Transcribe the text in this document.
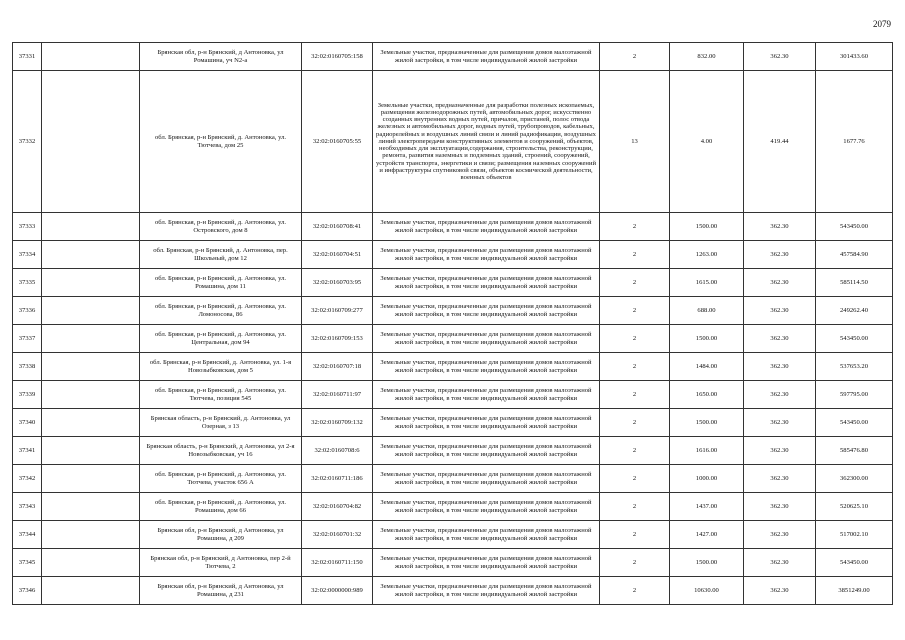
2079
37331		Брянская обл, р-н Брянский, д Антоновка, ул Ромашина, уч N2-а	32:02:0160705:158	Земельные участки, предназначенные для размещения домов малоэтажной жилой застройки, в том числе индивидуальной жилой застройки	2	832.00	362.30	301433.60
37332		обл. Брянская, р-н Брянский, д. Антоновка, ул. Тютчева, дом 25	32:02:0160705:55	Земельные участки, предназначенные для разработки полезных ископаемых, размещения железнодорожных путей, автомобильных дорог, искусственно созданных внутренних водных путей, причалов, пристаней, полос отвода железных и автомобильных дорог, водных путей, трубопроводов, кабельных, радиорелейных и воздушных линий связи и линий радиофикации, воздушных линий электропередачи конструктивных элементов и сооружений, объектов, необходимых для эксплуатации,содержания, строительства, реконструкции, ремонта, развития наземных и подземных зданий, строений, сооружений, устройств транспорта, энергетики и связи; размещения наземных сооружений и инфраструктуры спутниковой связи, объектов космической деятельности, военных объектов	13	4.00	419.44	1677.76
37333		обл. Брянская, р-н Брянский, д. Антоновка, ул. Островского, дом 8	32:02:0160708:41	Земельные участки, предназначенные для размещения домов малоэтажной жилой застройки, в том числе индивидуальной жилой застройки	2	1500.00	362.30	543450.00
37334		обл. Брянская, р-н Брянский, д. Антоновка, пер. Школьный, дом 12	32:02:0160704:51	Земельные участки, предназначенные для размещения домов малоэтажной жилой застройки, в том числе индивидуальной жилой застройки	2	1263.00	362.30	457584.90
37335		обл. Брянская, р-н Брянский, д. Антоновка, ул. Ромашина, дом 11	32:02:0160703:95	Земельные участки, предназначенные для размещения домов малоэтажной жилой застройки, в том числе индивидуальной жилой застройки	2	1615.00	362.30	585114.50
37336		обл. Брянская, р-н Брянский, д. Антоновка, ул. Ломоносова, 86	32:02:0160709:277	Земельные участки, предназначенные для размещения домов малоэтажной жилой застройки, в том числе индивидуальной жилой застройки	2	688.00	362.30	249262.40
37337		обл. Брянская, р-н Брянский, д. Антоновка, ул. Центральная, дом 94	32:02:0160709:153	Земельные участки, предназначенные для размещения домов малоэтажной жилой застройки, в том числе индивидуальной жилой застройки	2	1500.00	362.30	543450.00
37338		обл. Брянская, р-н Брянский, д. Антоновка, ул. 1-я Новозыбковская, дом 5	32:02:0160707:18	Земельные участки, предназначенные для размещения домов малоэтажной жилой застройки, в том числе индивидуальной жилой застройки	2	1484.00	362.30	537653.20
37339		обл. Брянская, р-н Брянский, д. Антоновка, ул. Тютчева, позиция 545	32:02:0160711:97	Земельные участки, предназначенные для размещения домов малоэтажной жилой застройки, в том числе индивидуальной жилой застройки	2	1650.00	362.30	597795.00
37340		Брянская область, р-н Брянский, д. Антоновка, ул Озерная, з 13	32:02:0160709:132	Земельные участки, предназначенные для размещения домов малоэтажной жилой застройки, в том числе индивидуальной жилой застройки	2	1500.00	362.30	543450.00
37341		Брянская область, р-н Брянский, д Антоновка, ул 2-я Новозыбковская, уч 16	32:02:0160708:6	Земельные участки, предназначенные для размещения домов малоэтажной жилой застройки, в том числе индивидуальной жилой застройки	2	1616.00	362.30	585476.80
37342		обл. Брянская, р-н Брянский, д. Антоновка, ул. Тютчева, участок 656 А	32:02:0160711:186	Земельные участки, предназначенные для размещения домов малоэтажной жилой застройки, в том числе индивидуальной жилой застройки	2	1000.00	362.30	362300.00
37343		обл. Брянская, р-н Брянский, д. Антоновка, ул. Ромашина, дом 66	32:02:0160704:82	Земельные участки, предназначенные для размещения домов малоэтажной жилой застройки, в том числе индивидуальной жилой застройки	2	1437.00	362.30	520625.10
37344		Брянская обл, р-н Брянский, д Антоновка, ул Ромашина, д 209	32:02:0160701:32	Земельные участки, предназначенные для размещения домов малоэтажной жилой застройки, в том числе индивидуальной жилой застройки	2	1427.00	362.30	517002.10
37345		Брянская обл, р-н Брянский, д Антоновка, пер 2-й Тютчева, 2	32:02:0160711:150	Земельные участки, предназначенные для размещения домов малоэтажной жилой застройки, в том числе индивидуальной жилой застройки	2	1500.00	362.30	543450.00
37346		Брянская обл, р-н Брянский, д Антоновка, ул Ромашина, д 231	32:02:0000000:989	Земельные участки, предназначенные для размещения домов малоэтажной жилой застройки, в том числе индивидуальной жилой застройки	2	10630.00	362.30	3851249.00
